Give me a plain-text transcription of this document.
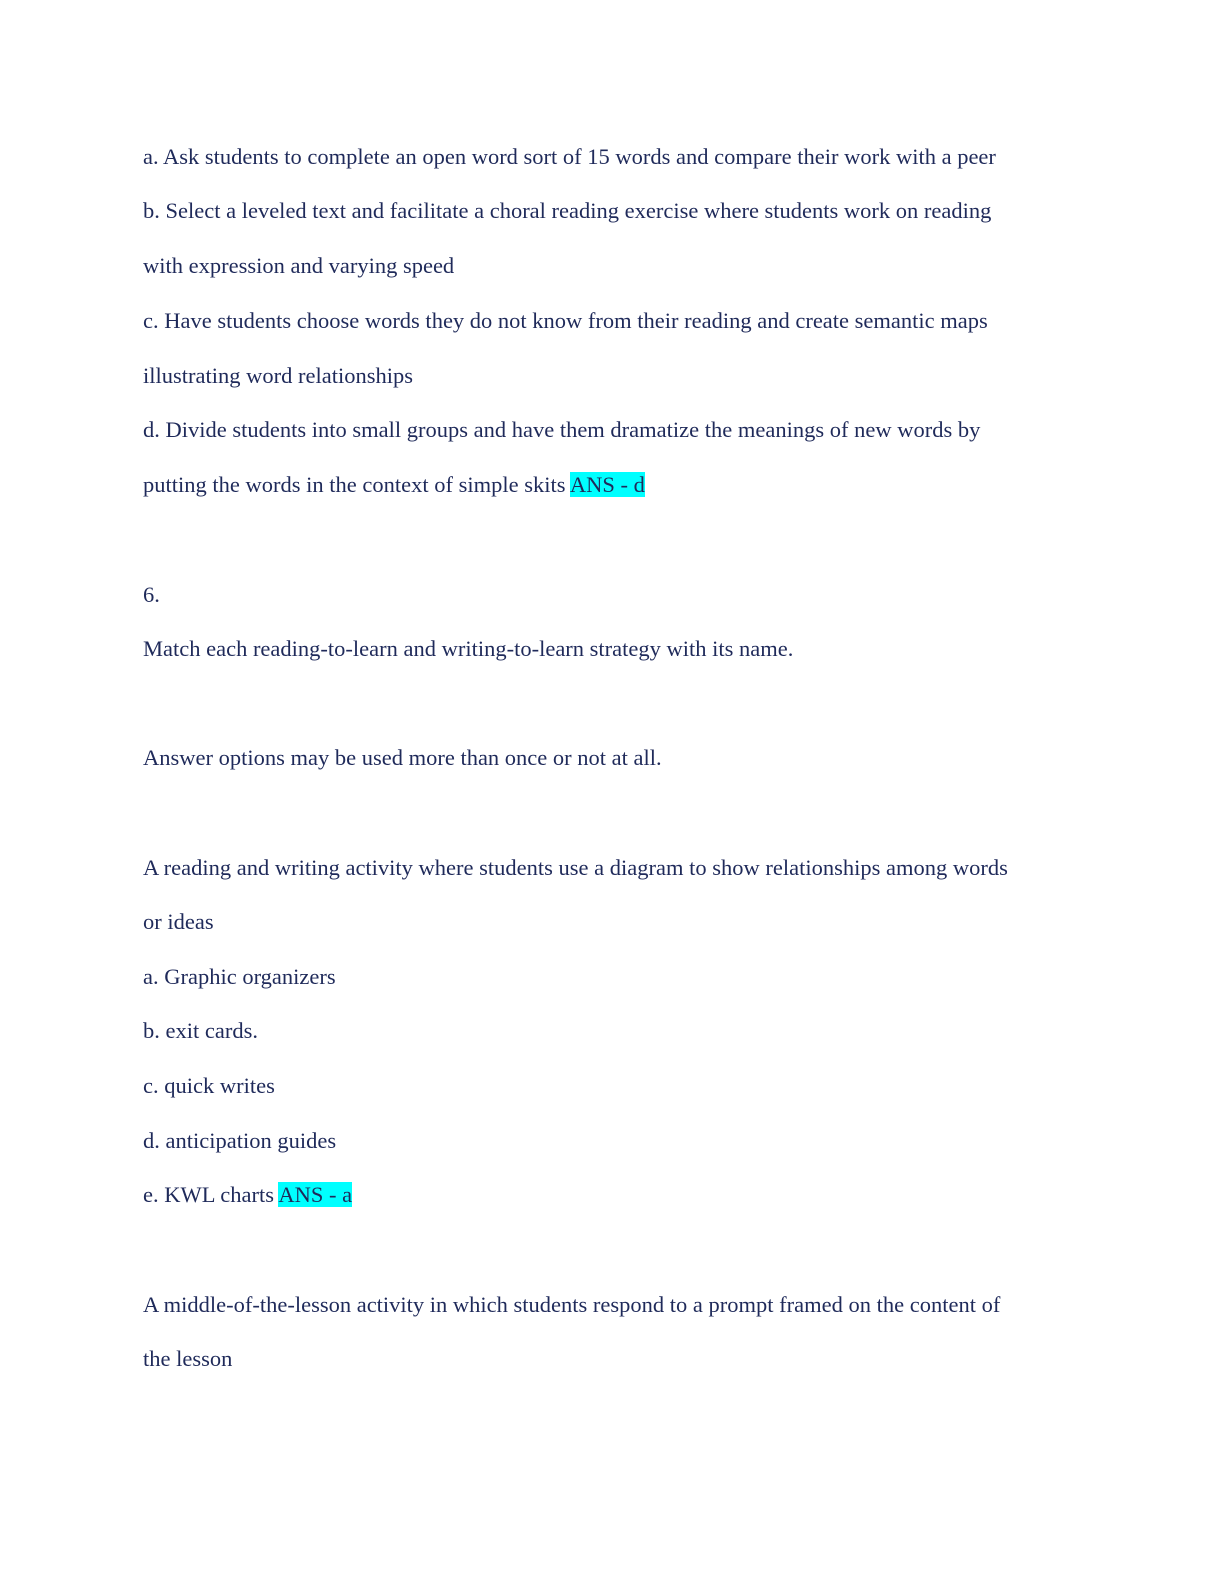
a. Ask students to complete an open word sort of 15 words and compare their work with a peer
b. Select a leveled text and facilitate a choral reading exercise where students work on reading
with expression and varying speed
c. Have students choose words they do not know from their reading and create semantic maps
illustrating word relationships
d. Divide students into small groups and have them dramatize the meanings of new words by
putting the words in the context of simple skits ANS - d
6.
Match each reading-to-learn and writing-to-learn strategy with its name.
Answer options may be used more than once or not at all.
A reading and writing activity where students use a diagram to show relationships among words
or ideas
a. Graphic organizers
b. exit cards.
c. quick writes
d. anticipation guides
e. KWL charts ANS - a
A middle-of-the-lesson activity in which students respond to a prompt framed on the content of
the lesson
